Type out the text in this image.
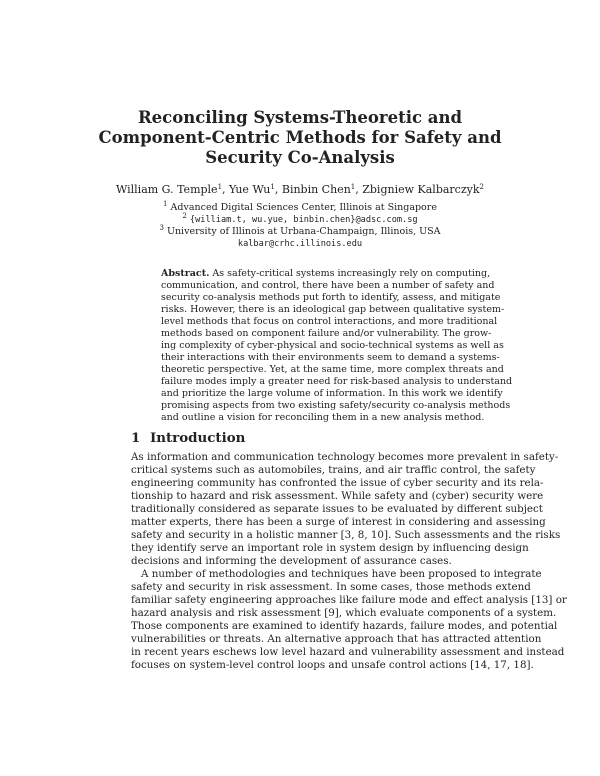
Reconciling Systems-Theoretic and
Component-Centric Methods for Safety and
Security Co-Analysis
William G. Temple$^1$, Yue Wu$^1$, Binbin Chen$^1$, Zbigniew Kalbarczyk$^2$
$^1$ Advanced Digital Sciences Center, Illinois at Singapore
$^2$ {william.t, wu.yue, binbin.chen}@adsc.com.sg
$^3$ University of Illinois at Urbana-Champaign, Illinois, USA
kalbar@crhc.illinois.edu
Abstract. As safety-critical systems increasingly rely on computing,
communication, and control, there have been a number of safety and
security co-analysis methods put forth to identify, assess, and mitigate
risks. However, there is an ideological gap between qualitative system-
level methods that focus on control interactions, and more traditional
methods based on component failure and/or vulnerability. The grow-
ing complexity of cyber-physical and socio-technical systems as well as
their interactions with their environments seem to demand a systems-
theoretic perspective. Yet, at the same time, more complex threats and
failure modes imply a greater need for risk-based analysis to understand
and prioritize the large volume of information. In this work we identify
promising aspects from two existing safety/security co-analysis methods
and outline a vision for reconciling them in a new analysis method.
1 Introduction
As information and communication technology becomes more prevalent in safety-
critical systems such as automobiles, trains, and air traffic control, the safety
engineering community has confronted the issue of cyber security and its rela-
tionship to hazard and risk assessment. While safety and (cyber) security were
traditionally considered as separate issues to be evaluated by different subject
matter experts, there has been a surge of interest in considering and assessing
safety and security in a holistic manner [3, 8, 10]. Such assessments and the risks
they identify serve an important role in system design by influencing design
decisions and informing the development of assurance cases.
A number of methodologies and techniques have been proposed to integrate
safety and security in risk assessment. In some cases, those methods extend
familiar safety engineering approaches like failure mode and effect analysis [13] or
hazard analysis and risk assessment [9], which evaluate components of a system.
Those components are examined to identify hazards, failure modes, and potential
vulnerabilities or threats. An alternative approach that has attracted attention
in recent years eschews low level hazard and vulnerability assessment and instead
focuses on system-level control loops and unsafe control actions [14, 17, 18].
